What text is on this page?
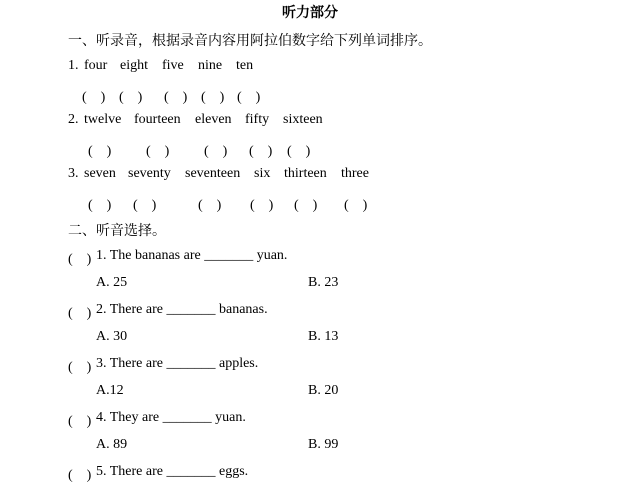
听力部分
一、听录音，根据录音内容用阿拉伯数字给下列单词排序。
1. four eight five nine ten
(　) (　) (　) (　) (　)
2. twelve fourteen eleven fifty sixteen
(　) (　) (　) (　) (　)
3. seven seventy seventeen six thirteen three
(　) (　)	(　) (　) (　) (　)
二、听音选择。
(　) 1. The bananas are _______ yuan.
A. 25	B. 23
(　) 2. There are _______ bananas.
A. 30	B. 13
(　) 3. There are _______ apples.
A.12	B. 20
(　) 4. They are _______ yuan.
A. 89	B. 99
(　) 5. There are _______ eggs.
